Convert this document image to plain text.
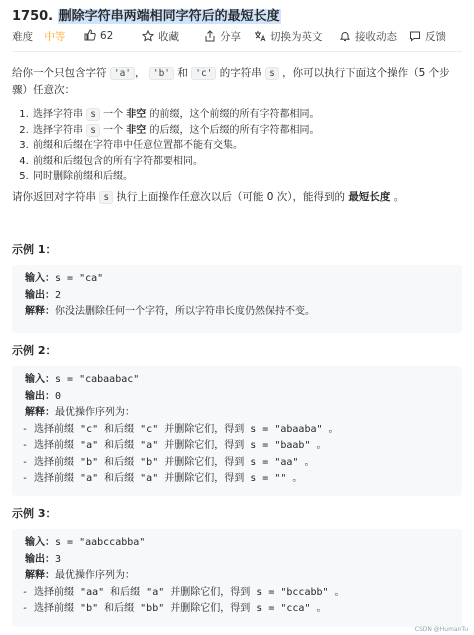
1750. 删除字符串两端相同字符后的最短长度
难度 中等	62	收藏	分享	切换为英文	接收动态	反馈
给你一个只包含字符 'a' ， 'b' 和 'c' 的字符串 s ，你可以执行下面这个操作（5 个步骤）任意次：
1. 选择字符串 s 一个 非空 的前缀，这个前缀的所有字符都相同。
2. 选择字符串 s 一个 非空 的后缀，这个后缀的所有字符都相同。
3. 前缀和后缀在字符串中任意位置都不能有交集。
4. 前缀和后缀包含的所有字符都要相同。
5. 同时删除前缀和后缀。
请你返回对字符串 s 执行上面操作任意次以后（可能 0 次），能得到的 最短长度 。
示例 1：
输入：s = "ca"
输出：2
解释：你没法删除任何一个字符，所以字符串长度仍然保持不变。
示例 2：
输入：s = "cabaabac"
输出：0
解释：最优操作序列为：
- 选择前缀 "c" 和后缀 "c" 并删除它们，得到 s = "abaaba" 。
- 选择前缀 "a" 和后缀 "a" 并删除它们，得到 s = "baab" 。
- 选择前缀 "b" 和后缀 "b" 并删除它们，得到 s = "aa" 。
- 选择前缀 "a" 和后缀 "a" 并删除它们，得到 s = "" 。
示例 3：
输入：s = "aabccabba"
输出：3
解释：最优操作序列为：
- 选择前缀 "aa" 和后缀 "a" 并删除它们，得到 s = "bccabb" 。
- 选择前缀 "b" 和后缀 "bb" 并删除它们，得到 s = "cca" 。
CSDN @HumanTu
